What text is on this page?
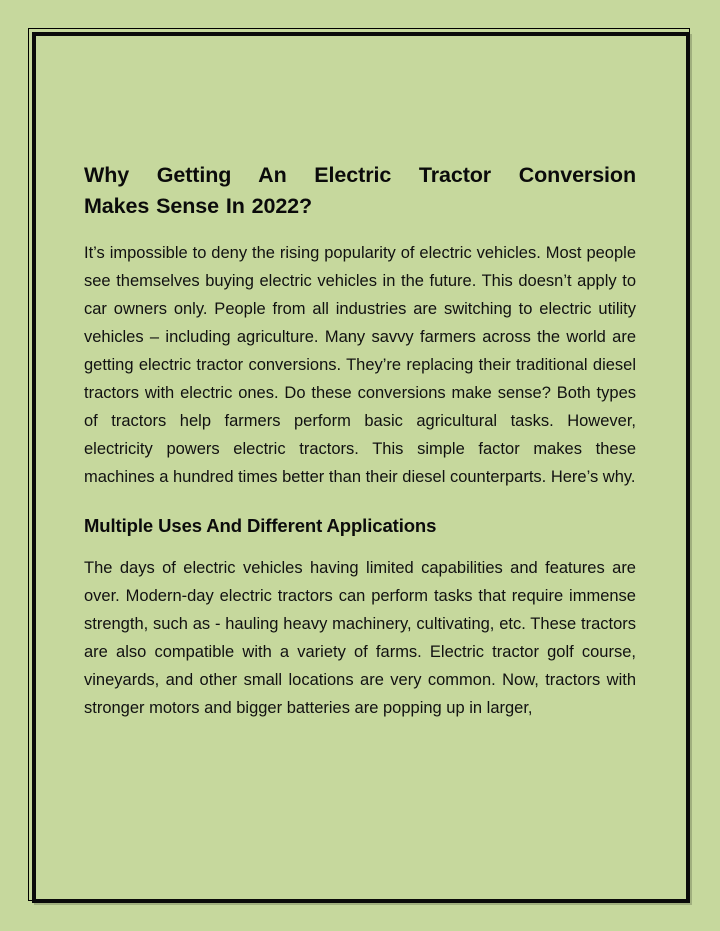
Why Getting An Electric Tractor Conversion
Makes Sense In 2022?

It’s impossible to deny the rising popularity of electric vehicles. Most people see themselves buying electric vehicles in the future. This doesn’t apply to car owners only. People from all industries are switching to electric utility vehicles – including agriculture. Many savvy farmers across the world are getting electric tractor conversions. They’re replacing their traditional diesel tractors with electric ones. Do these conversions make sense? Both types of tractors help farmers perform basic agricultural tasks. However, electricity powers electric tractors. This simple factor makes these machines a hundred times better than their diesel counterparts. Here’s why.

Multiple Uses And Different Applications

The days of electric vehicles having limited capabilities and features are over. Modern-day electric tractors can perform tasks that require immense strength, such as - hauling heavy machinery, cultivating, etc. These tractors are also compatible with a variety of farms. Electric tractor golf course, vineyards, and other small locations are very common. Now, tractors with stronger motors and bigger batteries are popping up in larger,
